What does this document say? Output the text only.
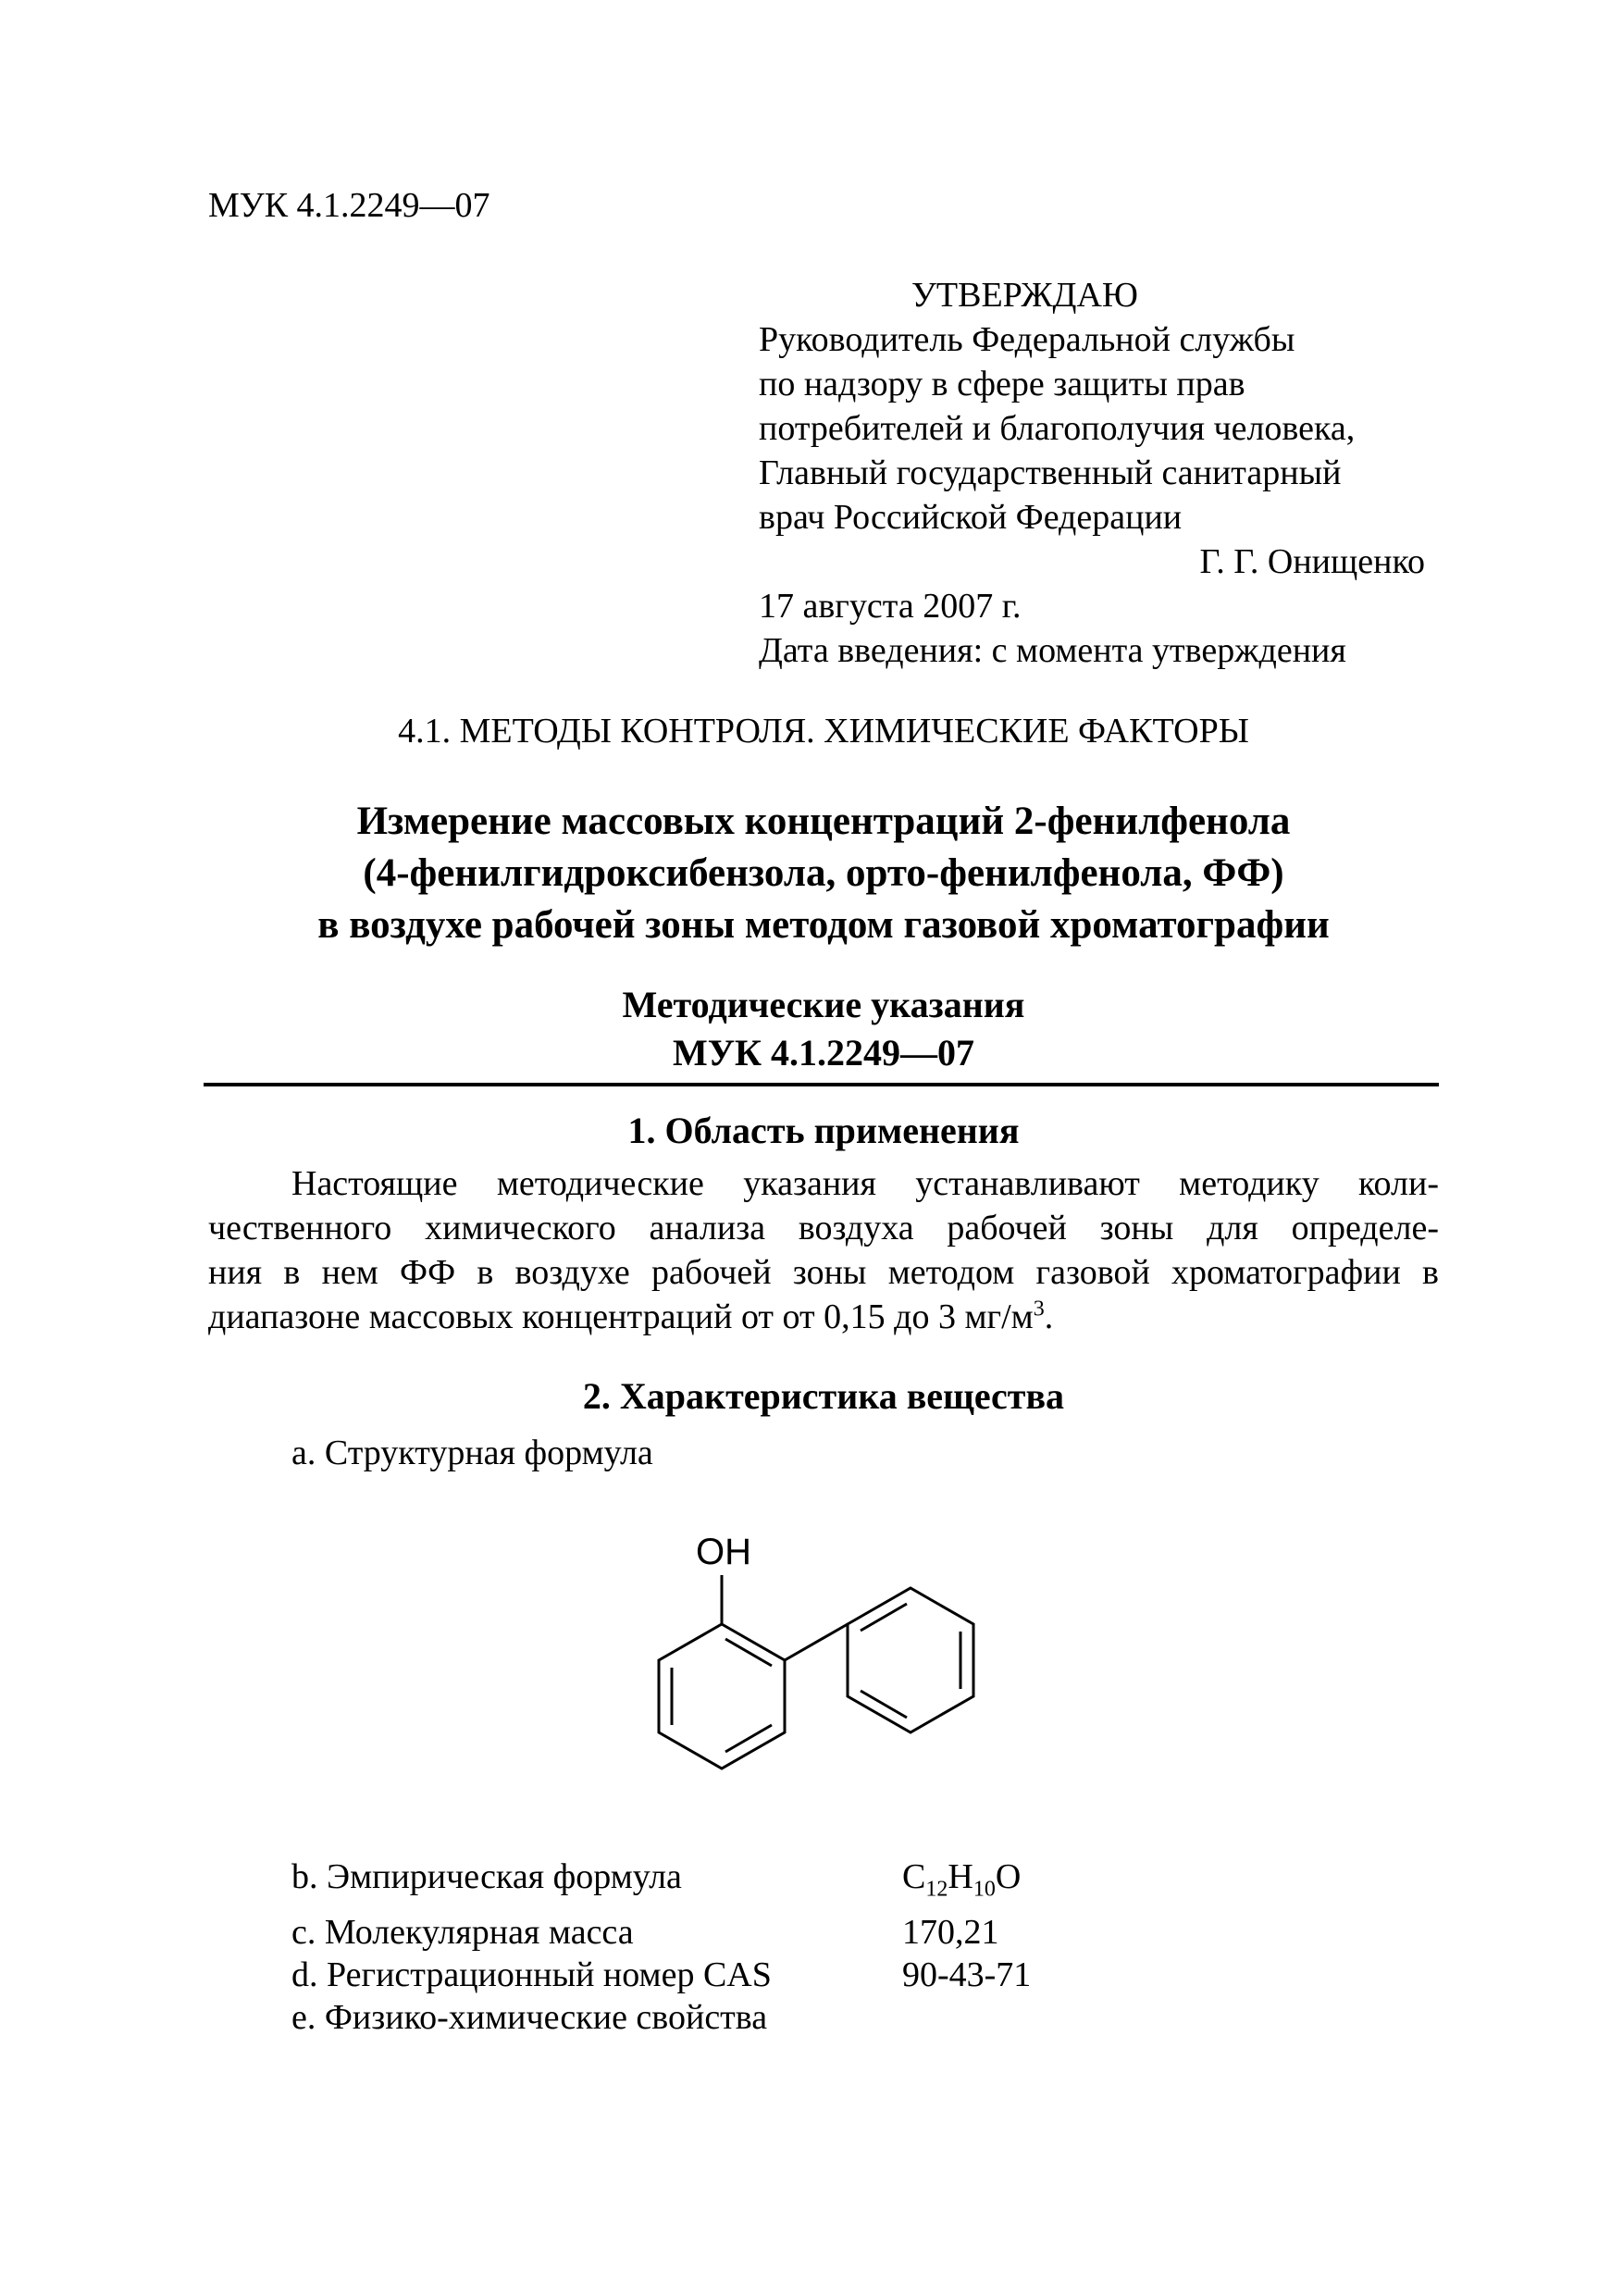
МУК 4.1.2249—07
УТВЕРЖДАЮ
Руководитель Федеральной службы
по надзору в сфере защиты прав
потребителей и благополучия человека,
Главный государственный санитарный
врач Российской Федерации
Г. Г. Онищенко
17 августа 2007 г.
Дата введения: с момента утверждения
4.1. МЕТОДЫ КОНТРОЛЯ. ХИМИЧЕСКИЕ ФАКТОРЫ
Измерение массовых концентраций 2-фенилфенола
(4-фенилгидроксибензола, орто-фенилфенола, ФФ)
в воздухе рабочей зоны методом газовой хроматографии
Методические указания
МУК 4.1.2249—07
1. Область применения
Настоящие методические указания устанавливают методику коли-
чественного химического анализа воздуха рабочей зоны для определе-
ния в нем ФФ в воздухе рабочей зоны методом газовой хроматографии в
диапазоне массовых концентраций от от 0,15 до 3 $мг/м^3$.
2. Характеристика вещества
a. Структурная формула
OH
b. Эмпирическая формула	$C_{12}H_{10}O$
c. Молекулярная масса	170,21
d. Регистрационный номер CAS	90-43-71
e. Физико-химические свойства
